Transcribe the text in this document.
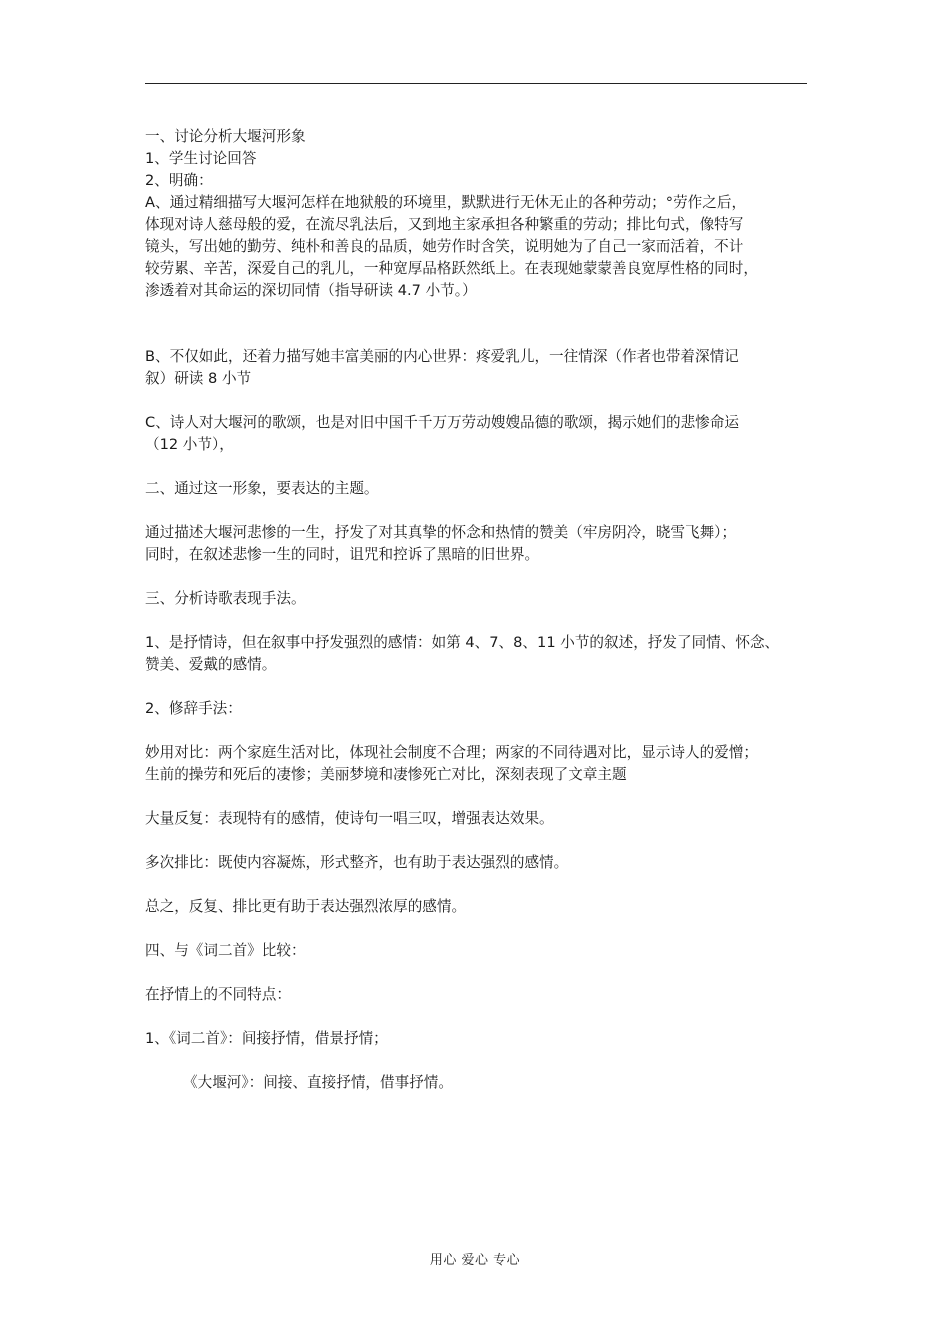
一、讨论分析大堰河形象

1、学生讨论回答

2、明确：

A、通过精细描写大堰河怎样在地狱般的环境里，默默进行无休无止的各种劳动；°劳作之后，

体现对诗人慈母般的爱，在流尽乳法后，又到地主家承担各种繁重的劳动；排比句式，像特写

镜头，写出她的勤劳、纯朴和善良的品质，她劳作时含笑，说明她为了自己一家而活着，不计

较劳累、辛苦，深爱自己的乳儿，一种宽厚品格跃然纸上。在表现她蒙蒙善良宽厚性格的同时，

渗透着对其命运的深切同情（指导研读 4.7 小节。）

B、不仅如此，还着力描写她丰富美丽的内心世界：疼爱乳儿，一往情深（作者也带着深情记

叙）研读 8 小节

C、诗人对大堰河的歌颂，也是对旧中国千千万万劳动嫂嫂品德的歌颂，揭示她们的悲惨命运

（12 小节），

二、通过这一形象，要表达的主题。

通过描述大堰河悲惨的一生，抒发了对其真挚的怀念和热情的赞美（牢房阴冷，晓雪飞舞）；

同时，在叙述悲惨一生的同时，诅咒和控诉了黑暗的旧世界。

三、分析诗歌表现手法。

1、是抒情诗，但在叙事中抒发强烈的感情：如第 4、7、8、11 小节的叙述，抒发了同情、怀念、

赞美、爱戴的感情。

2、修辞手法：

妙用对比：两个家庭生活对比，体现社会制度不合理；两家的不同待遇对比，显示诗人的爱憎；

生前的操劳和死后的凄惨；美丽梦境和凄惨死亡对比，深刻表现了文章主题

大量反复：表现特有的感情，使诗句一唱三叹，增强表达效果。

多次排比：既使内容凝炼，形式整齐，也有助于表达强烈的感情。

总之，反复、排比更有助于表达强烈浓厚的感情。

四、与《词二首》比较：

在抒情上的不同特点：

1、《词二首》：间接抒情，借景抒情；

《大堰河》：间接、直接抒情，借事抒情。

用心 爱心 专心
